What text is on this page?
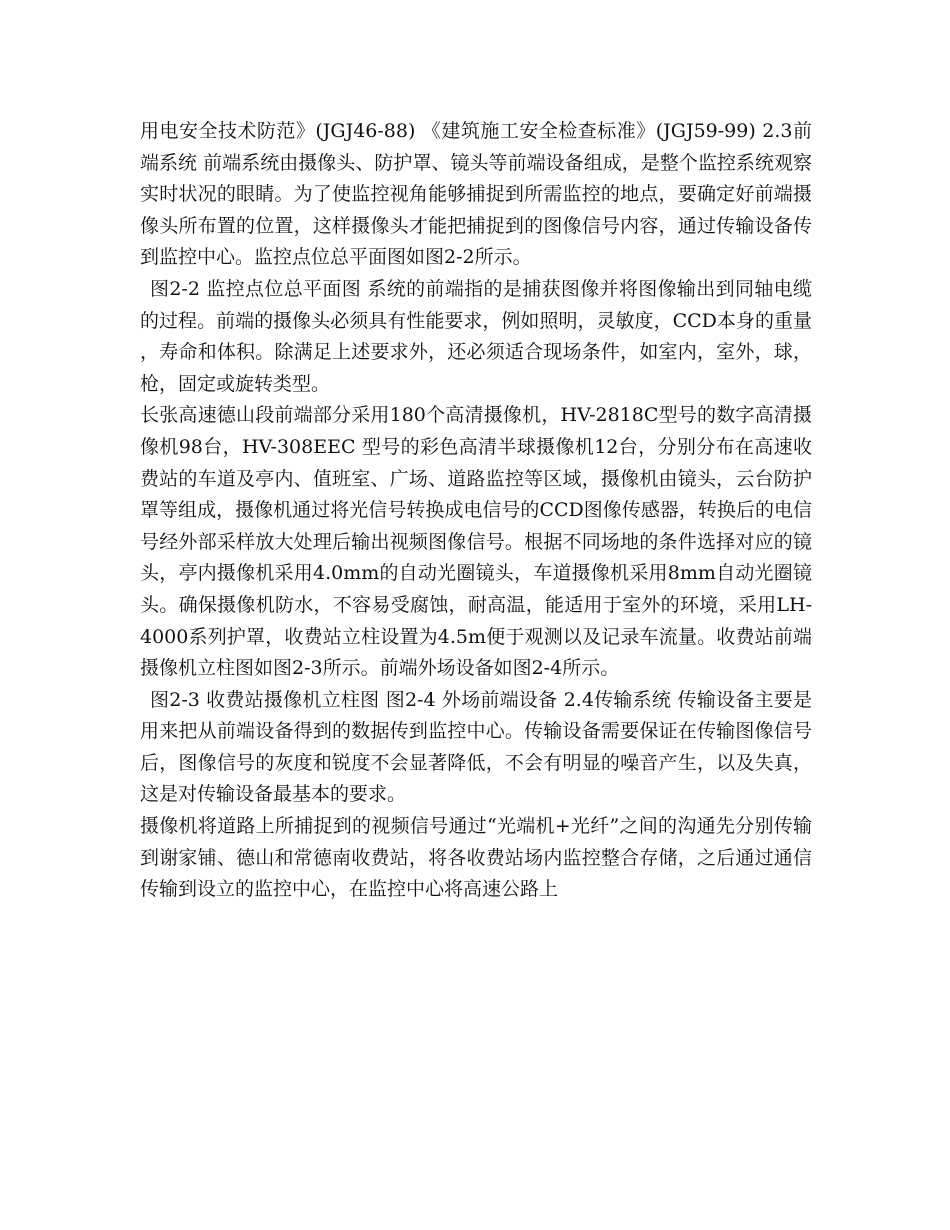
用电安全技术防范》(JGJ46-88) 《建筑施工安全检查标准》(JGJ59-99) 2.3前端系统 前端系统由摄像头、防护罩、镜头等前端设备组成，是整个监控系统观察实时状况的眼睛。为了使监控视角能够捕捉到所需监控的地点，要确定好前端摄像头所布置的位置，这样摄像头才能把捕捉到的图像信号内容，通过传输设备传到监控中心。监控点位总平面图如图2-2所示。

图2-2 监控点位总平面图 系统的前端指的是捕获图像并将图像输出到同轴电缆的过程。前端的摄像头必须具有性能要求，例如照明，灵敏度，CCD本身的重量，寿命和体积。除满足上述要求外，还必须适合现场条件，如室内，室外，球，枪，固定或旋转类型。

长张高速德山段前端部分采用180个高清摄像机，HV-2818C型号的数字高清摄像机98台，HV-308EEC 型号的彩色高清半球摄像机12台，分别分布在高速收费站的车道及亭内、值班室、广场、道路监控等区域，摄像机由镜头，云台防护罩等组成，摄像机通过将光信号转换成电信号的CCD图像传感器，转换后的电信号经外部采样放大处理后输出视频图像信号。根据不同场地的条件选择对应的镜头，亭内摄像机采用4.0mm的自动光圈镜头，车道摄像机采用8mm自动光圈镜头。确保摄像机防水，不容易受腐蚀，耐高温，能适用于室外的环境，采用LH-4000系列护罩，收费站立柱设置为4.5m便于观测以及记录车流量。收费站前端摄像机立柱图如图2-3所示。前端外场设备如图2-4所示。

图2-3 收费站摄像机立柱图 图2-4 外场前端设备 2.4传输系统 传输设备主要是用来把从前端设备得到的数据传到监控中心。传输设备需要保证在传输图像信号后，图像信号的灰度和锐度不会显著降低，不会有明显的噪音产生，以及失真，这是对传输设备最基本的要求。

摄像机将道路上所捕捉到的视频信号通过“光端机+光纤”之间的沟通先分别传输到谢家铺、德山和常德南收费站，将各收费站场内监控整合存储，之后通过通信传输到设立的监控中心，在监控中心将高速公路上
